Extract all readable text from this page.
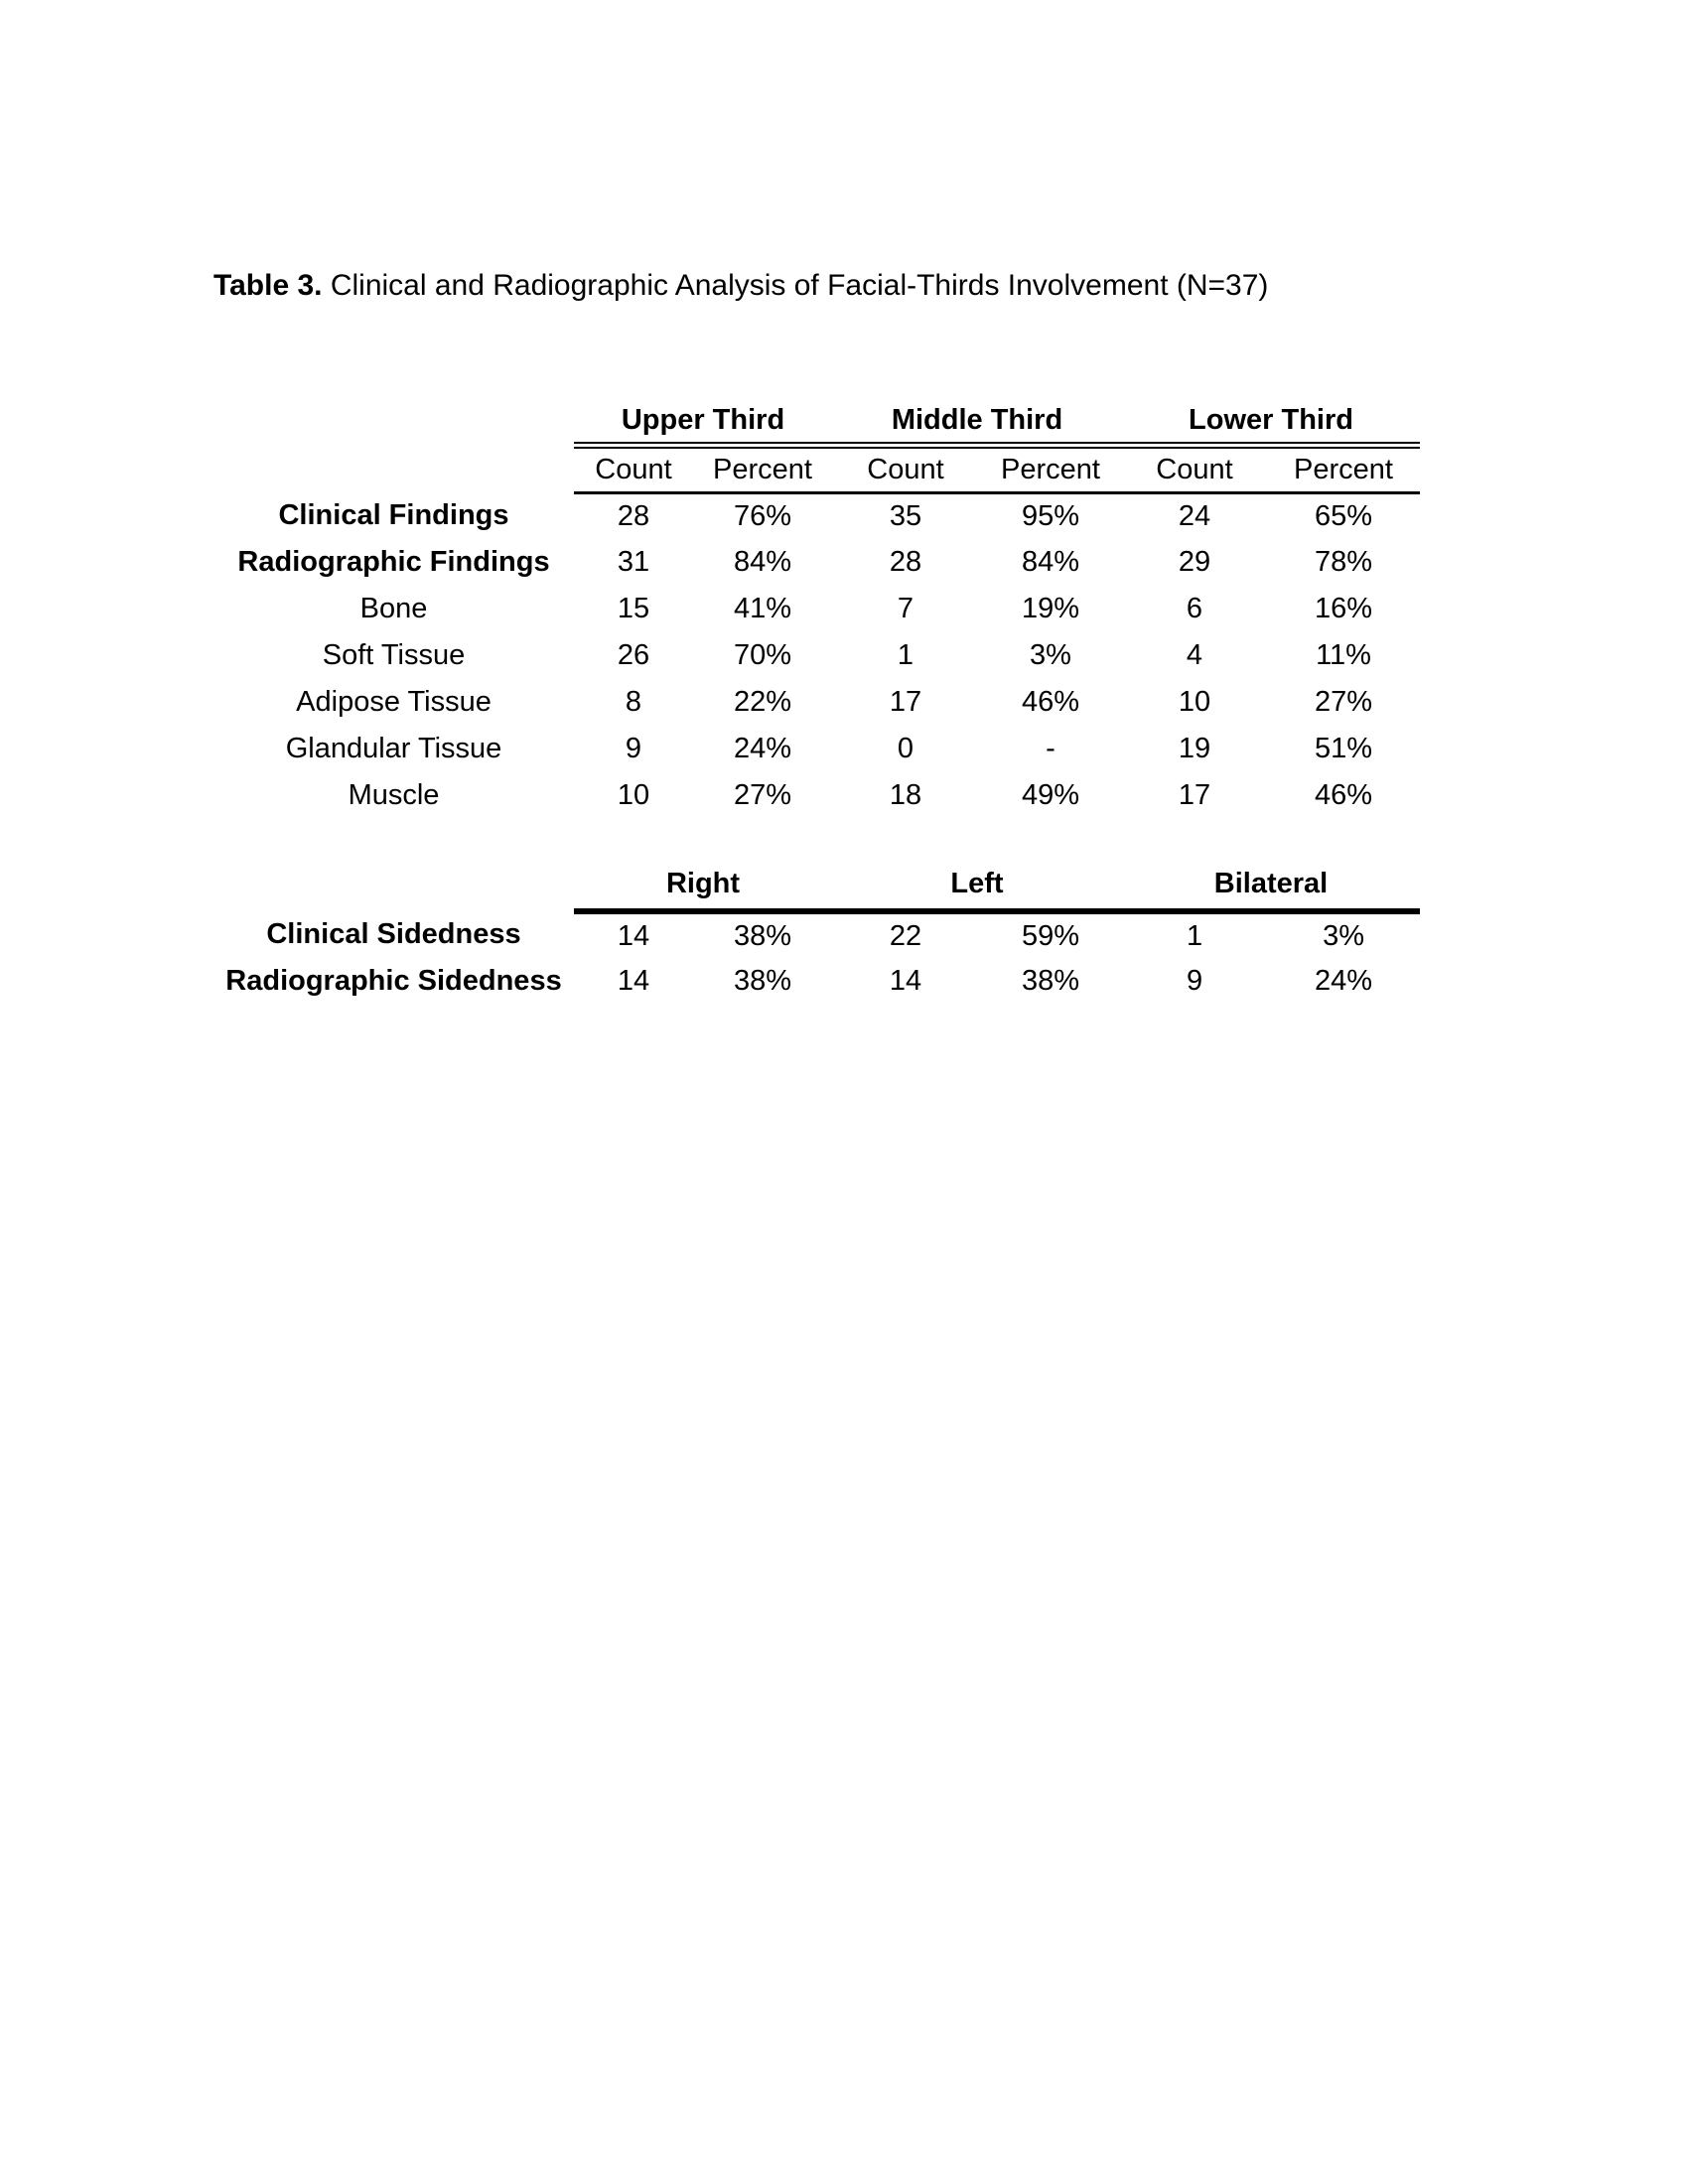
Table 3. Clinical and Radiographic Analysis of Facial-Thirds Involvement (N=37)
	Upper Third		Middle Third		Lower Third	
	Count	Percent	Count	Percent	Count	Percent
Clinical Findings	28	76%	35	95%	24	65%
Radiographic Findings	31	84%	28	84%	29	78%
Bone	15	41%	7	19%	6	16%
Soft Tissue	26	70%	1	3%	4	11%
Adipose Tissue	8	22%	17	46%	10	27%
Glandular Tissue	9	24%	0	-	19	51%
Muscle	10	27%	18	49%	17	46%
	Right		Left		Bilateral	
Clinical Sidedness	14	38%	22	59%	1	3%
Radiographic Sidedness	14	38%	14	38%	9	24%
